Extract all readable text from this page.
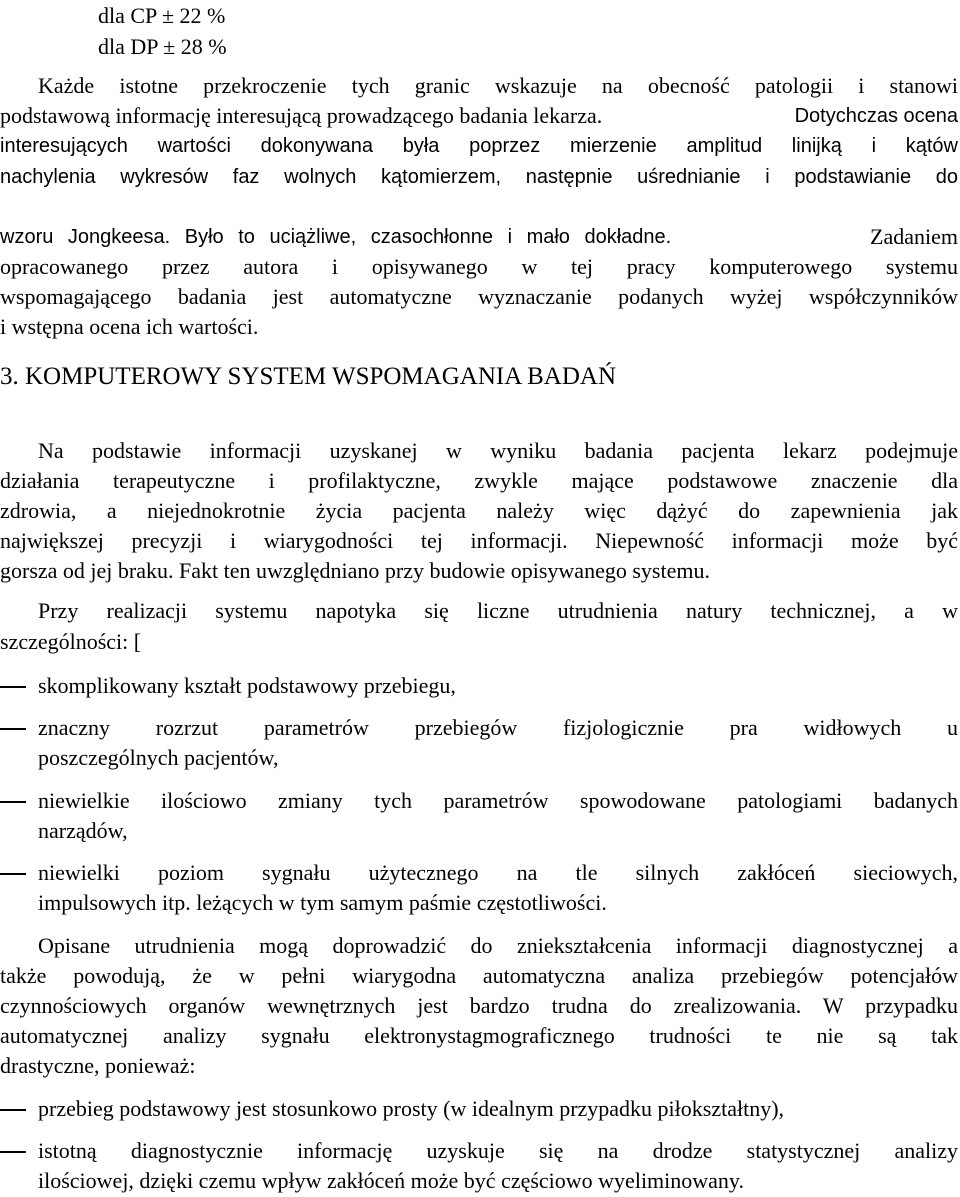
dla CP ± 22 %
dla DP ± 28 %
Każde istotne przekroczenie tych granic wskazuje na obecność patologii i stanowi
podstawową informację interesującą prowadzącego badania lekarza.	Dotychczas ocena
interesujących wartości dokonywana była poprzez mierzenie amplitud linijką i kątów
nachylenia wykresów faz wolnych kątomierzem, następnie uśrednianie i podstawianie do
wzoru Jongkeesa. Było to uciążliwe, czasochłonne i mało dokładne.	Zadaniem
opracowanego przez autora i opisywanego w tej pracy komputerowego systemu
wspomagającego badania jest automatyczne wyznaczanie podanych wyżej współczynników
i wstępna ocena ich wartości.
3. KOMPUTEROWY SYSTEM WSPOMAGANIA BADAŃ
Na podstawie informacji uzyskanej w wyniku badania pacjenta lekarz podejmuje
działania terapeutyczne i profilaktyczne, zwykle mające podstawowe znaczenie dla
zdrowia, a niejednokrotnie życia pacjenta należy więc dążyć do zapewnienia jak
największej precyzji i wiarygodności tej informacji. Niepewność informacji może być
gorsza od jej braku. Fakt ten uwzględniano przy budowie opisywanego systemu.
Przy realizacji systemu napotyka się liczne utrudnienia natury technicznej, a w
szczególności: [
skomplikowany kształt podstawowy przebiegu,
znaczny rozrzut parametrów przebiegów fizjologicznie pra widłowych u
poszczególnych pacjentów,
niewielkie ilościowo zmiany tych parametrów spowodowane patologiami badanych
narządów,
niewielki poziom sygnału użytecznego na tle silnych zakłóceń sieciowych,
impulsowych itp. leżących w tym samym paśmie częstotliwości.
Opisane utrudnienia mogą doprowadzić do zniekształcenia informacji diagnostycznej a
także powodują, że w pełni wiarygodna automatyczna analiza przebiegów potencjałów
czynnościowych organów wewnętrznych jest bardzo trudna do zrealizowania. W przypadku
automatycznej analizy sygnału elektronystagmograficznego trudności te nie są tak
drastyczne, ponieważ:
przebieg podstawowy jest stosunkowo prosty (w idealnym przypadku piłokształtny),
istotną diagnostycznie informację uzyskuje się na drodze statystycznej analizy
ilościowej, dzięki czemu wpływ zakłóceń może być częściowo wyeliminowany.
